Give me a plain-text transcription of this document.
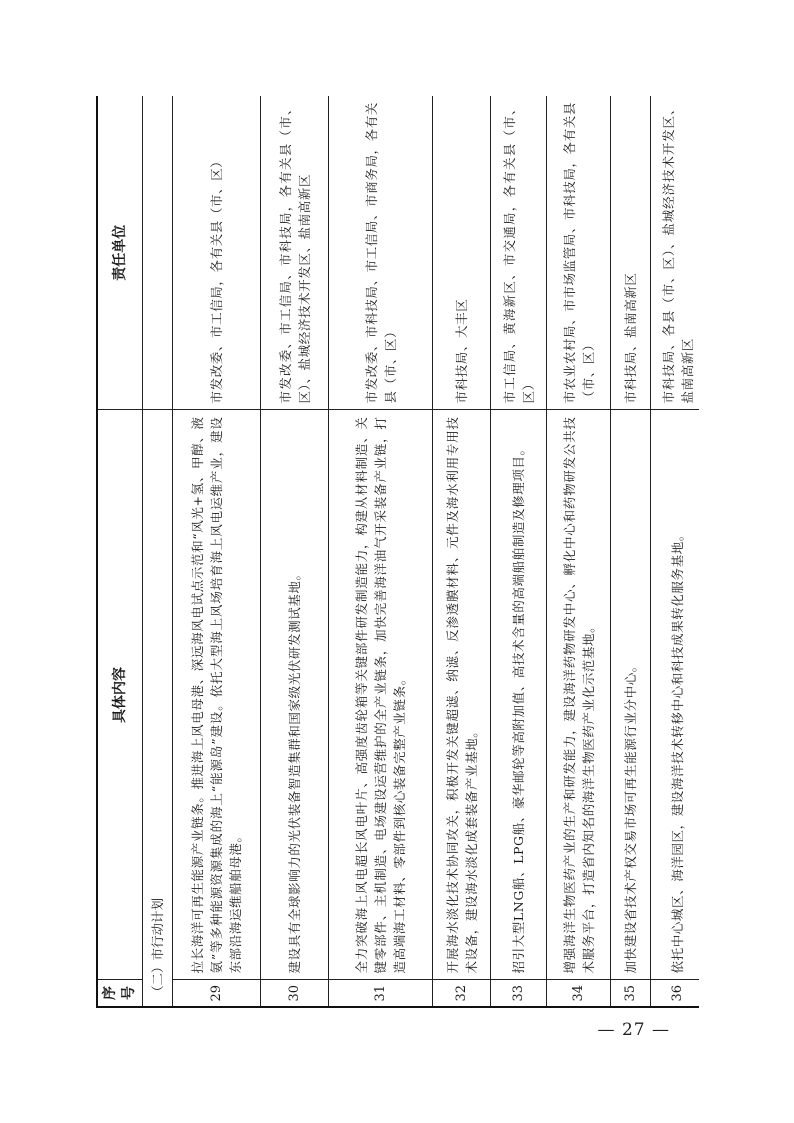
序号	具体内容	责任单位
（二）市行动计划		
29	拉长海洋可再生能源产业链条。推进海上风电母港、深远海风电试点示范和“风光+氢、甲醇、液氨”等多种能源资源集成的海上“能源岛”建设。依托大型海上风场培育海上风电运维产业，建设东部沿海运维船舶母港。	市发改委、市工信局，各有关县（市、区）
30	建设具有全球影响力的光伏装备智造集群和国家级光伏研发测试基地。	市发改委、市工信局、市科技局，各有关县（市、区）、盐城经济技术开发区、盐南高新区
31	全力突破海上风电超长风电叶片、高强度齿轮箱等关键部件研发制造能力，构建从材料制造、关键零部件、主机制造、电场建设运营维护的全产业链条，加快完善海洋油气开采装备产业链，打造高端海工材料、零部件到核心装备完整产业链条。	市发改委、市科技局、市工信局、市商务局，各有关县（市、区）
32	开展海水淡化技术协同攻关，积极开发关键超滤、纳滤、反渗透膜材料、元件及海水利用专用技术设备，建设海水淡化成套装备产业基地。	市科技局、大丰区
33	招引大型LNG船、LPG船、豪华邮轮等高附加值、高技术含量的高端船舶制造及修理项目。	市工信局、黄海新区、市交通局，各有关县（市、区）
34	增强海洋生物医药产业的生产和研发能力，建设海洋药物研发中心、孵化中心和药物研发公共技术服务平台，打造省内知名的海洋生物医药产业化示范基地。	市农业农村局、市市场监管局、市科技局，各有关县（市、区）
35	加快建设省技术产权交易市场可再生能源行业分中心。	市科技局、盐南高新区
36	依托中心城区、海洋园区，建设海洋技术转移中心和科技成果转化服务基地。	市科技局、各县（市、区）、盐城经济技术开发区、盐南高新区
— 27 —
